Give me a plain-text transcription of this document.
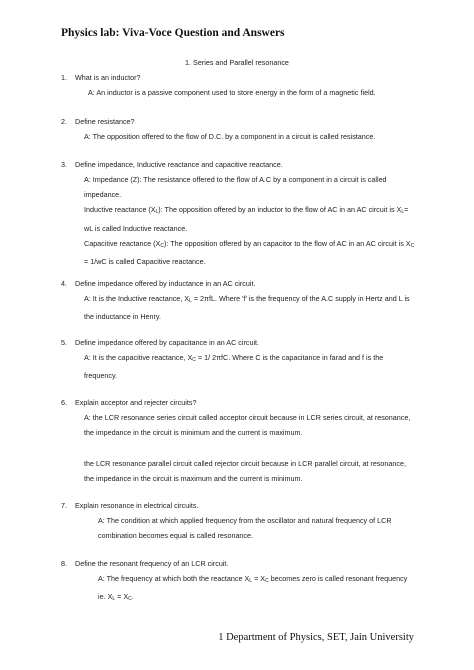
Physics lab: Viva-Voce Question and Answers
1. Series and Parallel resonance
1. What is an inductor?
A: An inductor is a passive component used to store energy in the form of a magnetic field.
2. Define resistance?
A: The opposition offered to the flow of D.C. by a component in a circuit is called resistance.
3. Define impedance, Inductive reactance and capacitive reactance.
A: Impedance (Z): The resistance offered to the flow of A.C by a component in a circuit is called
impedance.
Inductive reactance $(X_L)$: The opposition offered by an inductor to the flow of AC in an AC circuit is $X_L=$
wL is called Inductive reactance.
Capacitive reactance $(X_C)$: The opposition offered by an capacitor to the flow of AC in an AC circuit is $X_C$
= 1/wC is called Capacitive reactance.
4. Define impedance offered by inductance in an AC circuit.
A: It is the Inductive reactance, $X_L = 2\pi fL$. Where 'f' is the frequency of the A.C supply in Hertz and L is
the inductance in Henry.
5. Define impedance offered by capacitance in an AC circuit.
A: It is the capacitive reactance, $X_C = 1/$ 2πfC. Where C is the capacitance in farad and f is the
frequency.
6. Explain acceptor and rejecter circuits?
A: the LCR resonance series circuit called acceptor circuit because in LCR series circuit, at resonance,
the impedance in the circuit is minimum and the current is maximum.
the LCR resonance parallel circuit called rejector circuit because in LCR parallel circuit, at resonance,
the impedance in the circuit is maximum and the current is minimum.
7. Explain resonance in electrical circuits.
A: The condition at which applied frequency from the oscillator and natural frequency of LCR
combination becomes equal is called resonance.
8. Define the resonant frequency of an LCR circuit.
A: The frequency at which both the reactance $X_L = X_C$ becomes zero is called resonant frequency
ie. $X_L = X_C$.
1 Department of Physics, SET, Jain University
